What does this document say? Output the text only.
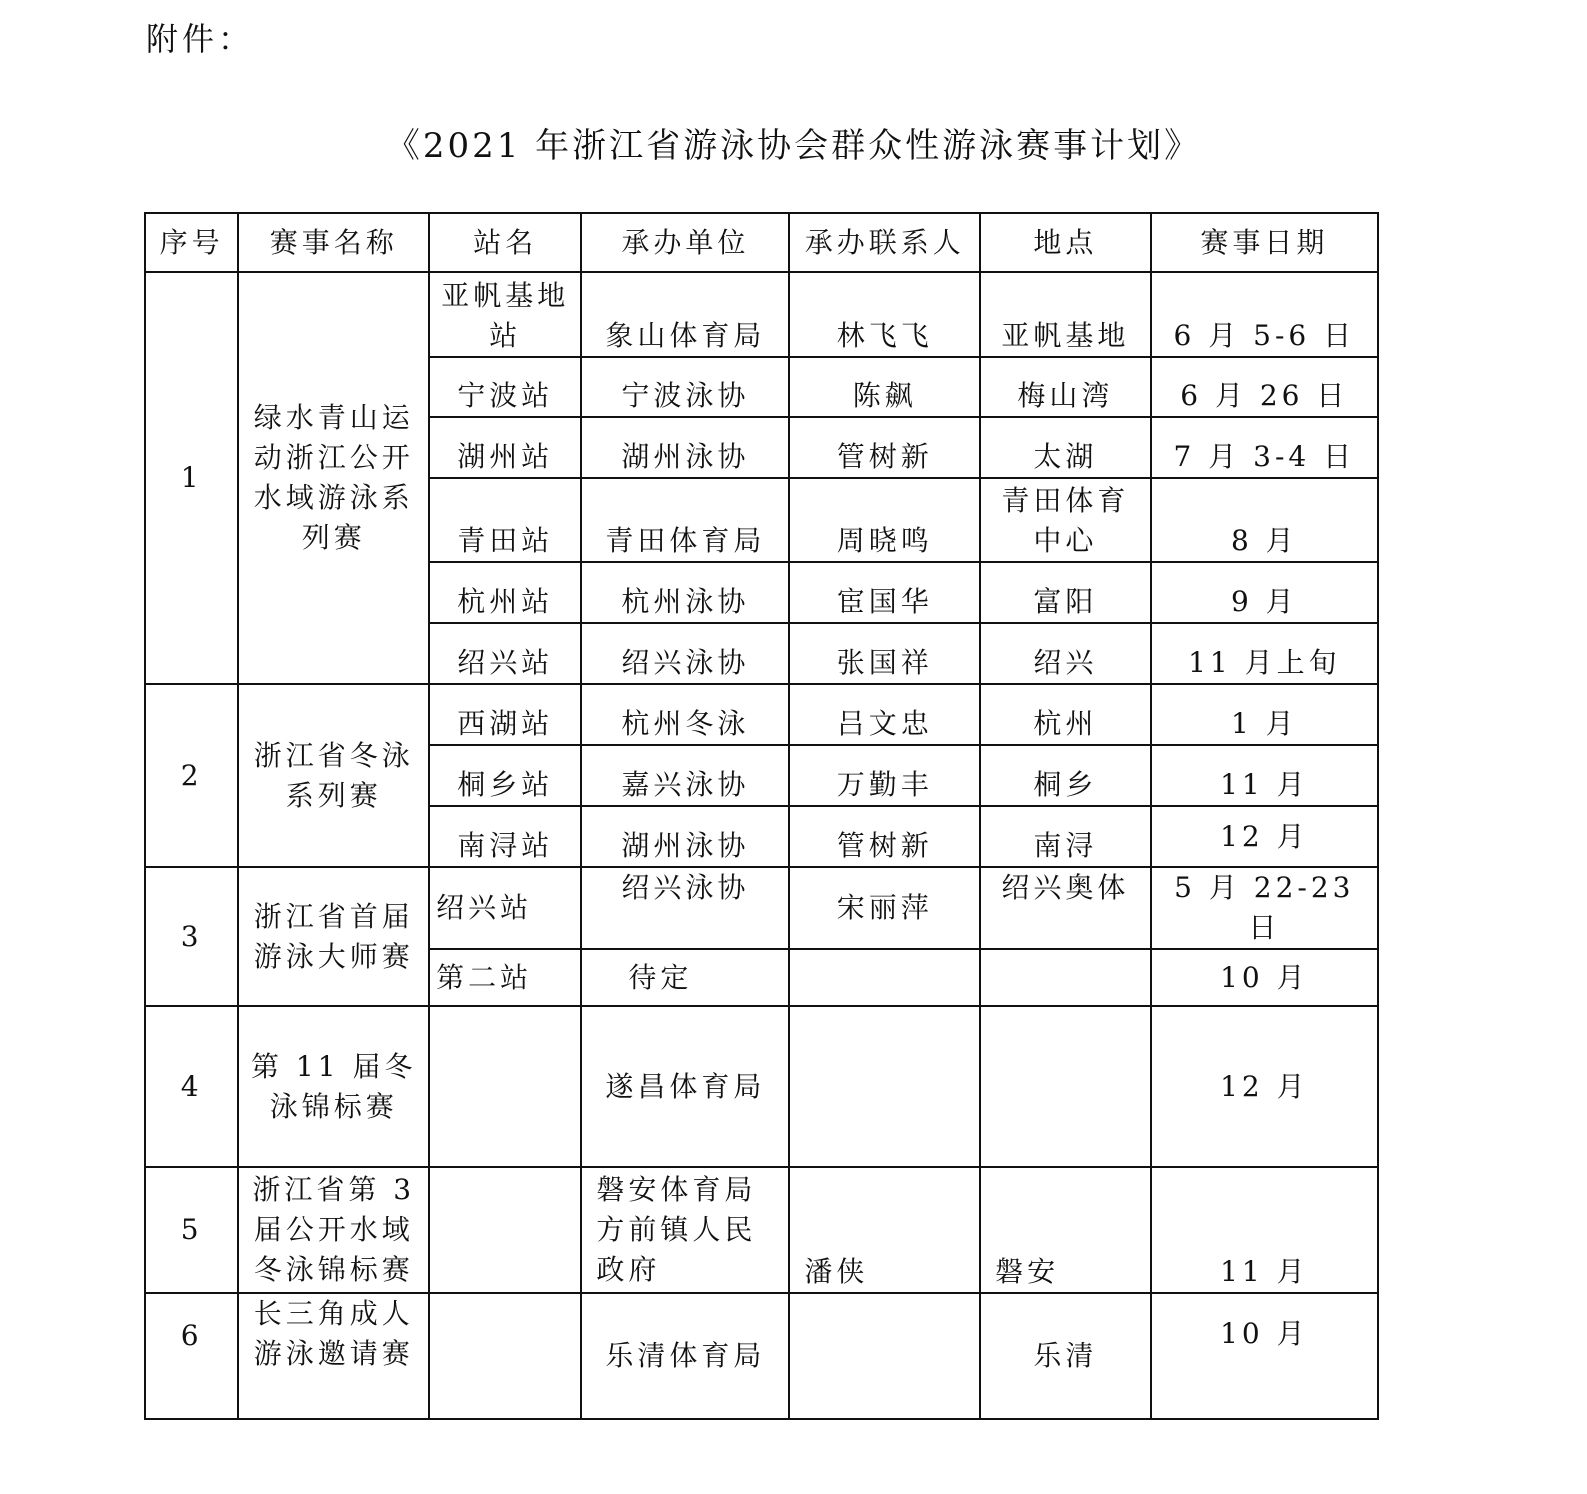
附件：
《2021 年浙江省游泳协会群众性游泳赛事计划》
序号	赛事名称	站名	承办单位	承办联系人	地点	赛事日期
1	绿水青山运动浙江公开水域游泳系列赛	亚帆基地站	象山体育局	林飞飞	亚帆基地	6 月 5-6 日
		宁波站	宁波泳协	陈飙	梅山湾	6 月 26 日
		湖州站	湖州泳协	管树新	太湖	7 月 3-4 日
		青田站	青田体育局	周晓鸣	青田体育中心	8 月
		杭州站	杭州泳协	宦国华	富阳	9 月
		绍兴站	绍兴泳协	张国祥	绍兴	11 月上旬
2	浙江省冬泳系列赛	西湖站	杭州冬泳	吕文忠	杭州	1 月
		桐乡站	嘉兴泳协	万勤丰	桐乡	11 月
		南浔站	湖州泳协	管树新	南浔	12 月
3	浙江省首届游泳大师赛	绍兴站	绍兴泳协	宋丽萍	绍兴奥体	5 月 22-23 日
		第二站	待定			10 月
4	第 11 届冬泳锦标赛		遂昌体育局			12 月
5	浙江省第 3 届公开水域冬泳锦标赛		磐安体育局方前镇人民政府	潘侠	磐安	11 月
6	长三角成人游泳邀请赛		乐清体育局		乐清	10 月
